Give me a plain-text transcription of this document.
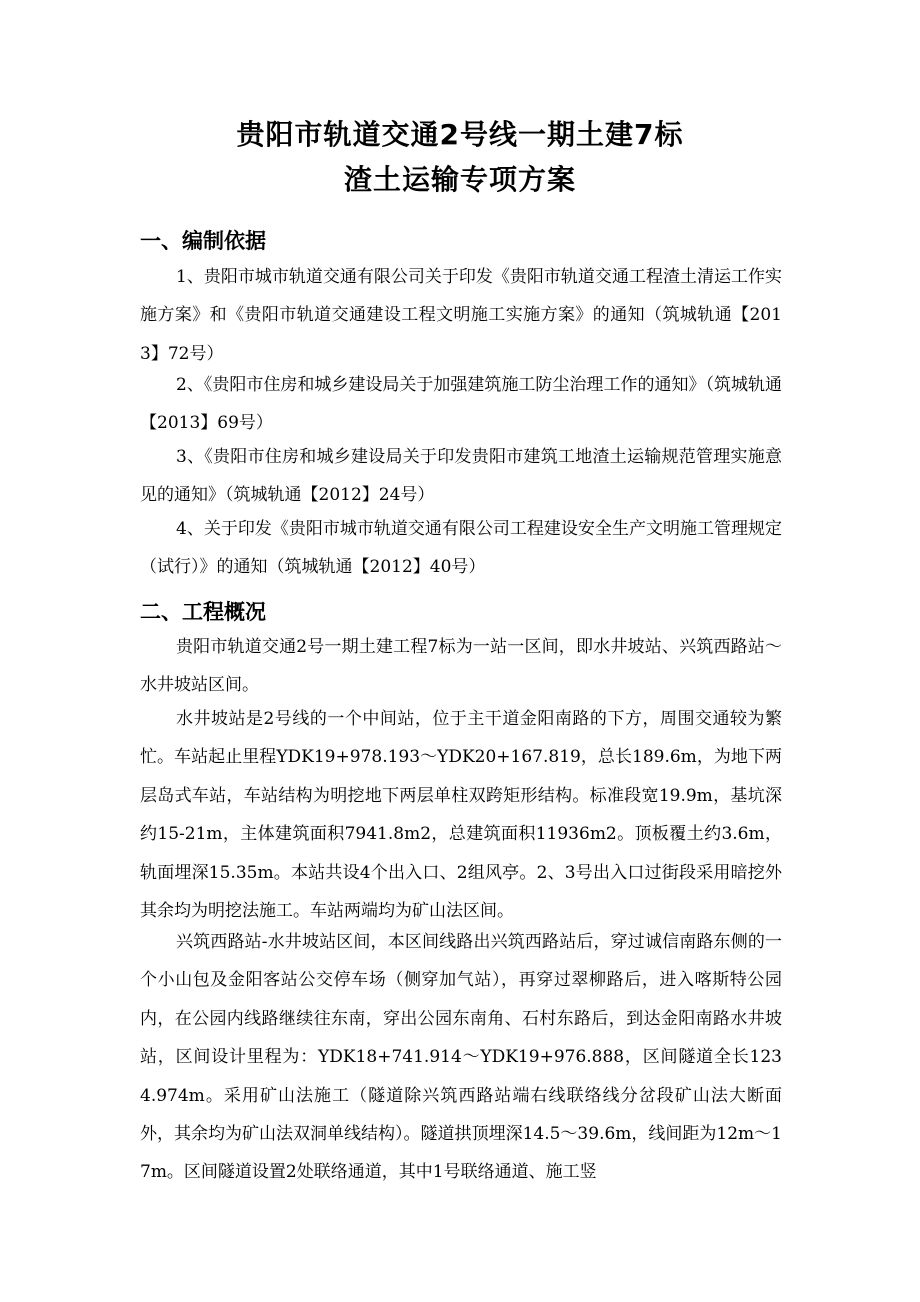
贵阳市轨道交通2号线一期土建7标
渣土运输专项方案
一、编制依据
1、贵阳市城市轨道交通有限公司关于印发《贵阳市轨道交通工程渣土清运工作实施方案》和《贵阳市轨道交通建设工程文明施工实施方案》的通知（筑城轨通【2013】72号）
2、《贵阳市住房和城乡建设局关于加强建筑施工防尘治理工作的通知》（筑城轨通【2013】69号）
3、《贵阳市住房和城乡建设局关于印发贵阳市建筑工地渣土运输规范管理实施意见的通知》（筑城轨通【2012】24号）
4、关于印发《贵阳市城市轨道交通有限公司工程建设安全生产文明施工管理规定（试行）》的通知（筑城轨通【2012】40号）
二、工程概况
贵阳市轨道交通2号一期土建工程7标为一站一区间，即水井坡站、兴筑西路站～水井坡站区间。
水井坡站是2号线的一个中间站，位于主干道金阳南路的下方，周围交通较为繁忙。车站起止里程YDK19+978.193～YDK20+167.819，总长189.6m，为地下两层岛式车站，车站结构为明挖地下两层单柱双跨矩形结构。标准段宽19.9m，基坑深约15-21m，主体建筑面积7941.8m2，总建筑面积11936m2。顶板覆土约3.6m，轨面埋深15.35m。本站共设4个出入口、2组风亭。2、3号出入口过街段采用暗挖外其余均为明挖法施工。车站两端均为矿山法区间。
兴筑西路站-水井坡站区间，本区间线路出兴筑西路站后，穿过诚信南路东侧的一个小山包及金阳客站公交停车场（侧穿加气站），再穿过翠柳路后，进入喀斯特公园内，在公园内线路继续往东南，穿出公园东南角、石村东路后，到达金阳南路水井坡站，区间设计里程为：YDK18+741.914～YDK19+976.888，区间隧道全长1234.974m。采用矿山法施工（隧道除兴筑西路站端右线联络线分岔段矿山法大断面外，其余均为矿山法双洞单线结构）。隧道拱顶埋深14.5～39.6m，线间距为12m～17m。区间隧道设置2处联络通道，其中1号联络通道、施工竖
